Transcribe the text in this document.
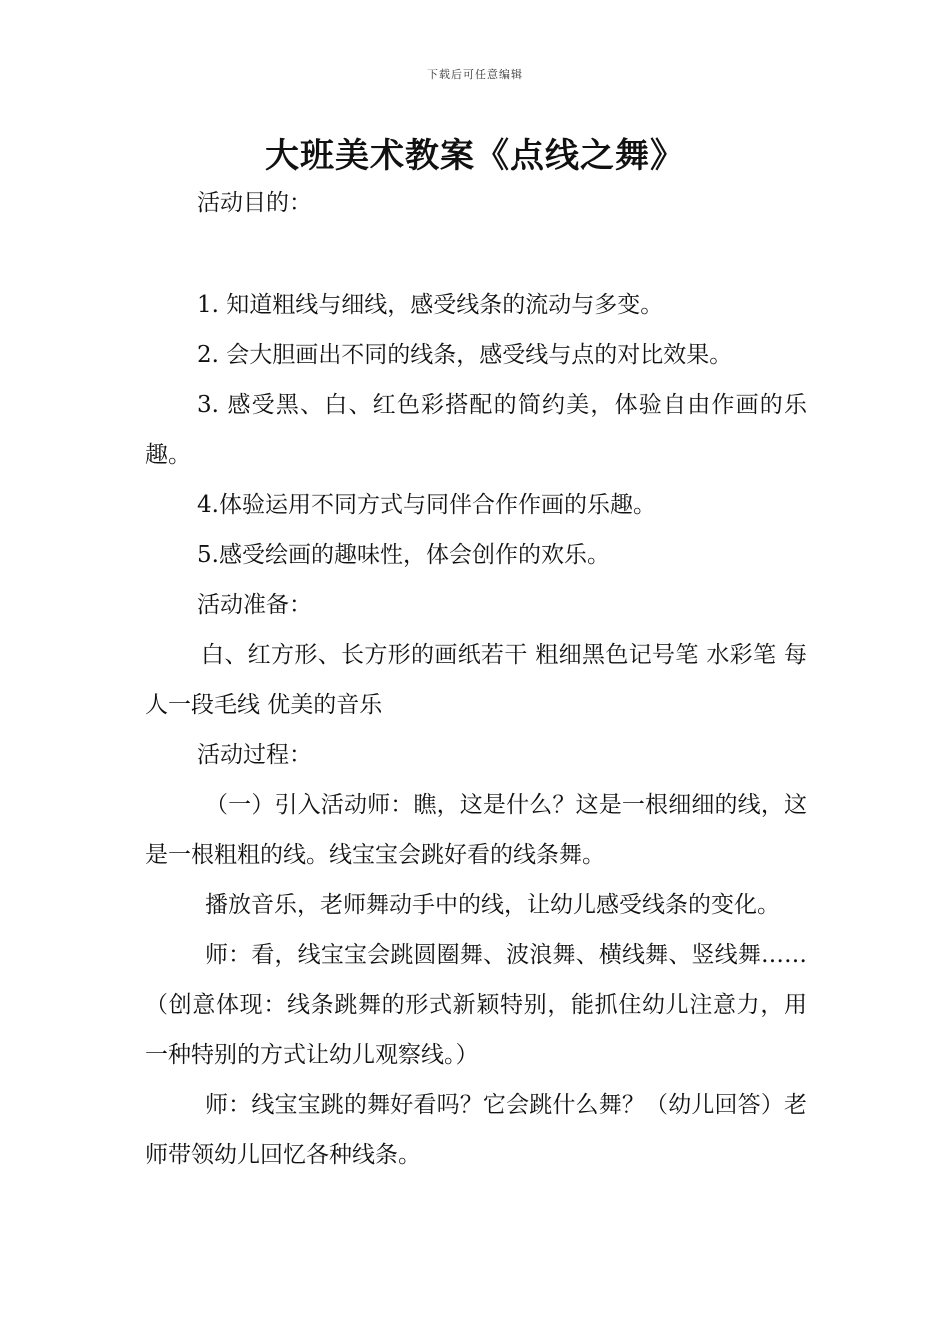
下载后可任意编辑
大班美术教案《点线之舞》

活动目的：

1. 知道粗线与细线，感受线条的流动与多变。

2. 会大胆画出不同的线条，感受线与点的对比效果。

3. 感受黑、白、红色彩搭配的简约美，体验自由作画的乐趣。

4.体验运用不同方式与同伴合作作画的乐趣。

5.感受绘画的趣味性，体会创作的欢乐。

活动准备：

白、红方形、长方形的画纸若干 粗细黑色记号笔 水彩笔 每人一段毛线 优美的音乐

活动过程：

（一）引入活动师：瞧，这是什么？这是一根细细的线，这是一根粗粗的线。线宝宝会跳好看的线条舞。

播放音乐，老师舞动手中的线，让幼儿感受线条的变化。

师：看，线宝宝会跳圆圈舞、波浪舞、横线舞、竖线舞……（创意体现：线条跳舞的形式新颖特别，能抓住幼儿注意力，用一种特别的方式让幼儿观察线。）

师：线宝宝跳的舞好看吗？它会跳什么舞？（幼儿回答）老师带领幼儿回忆各种线条。
